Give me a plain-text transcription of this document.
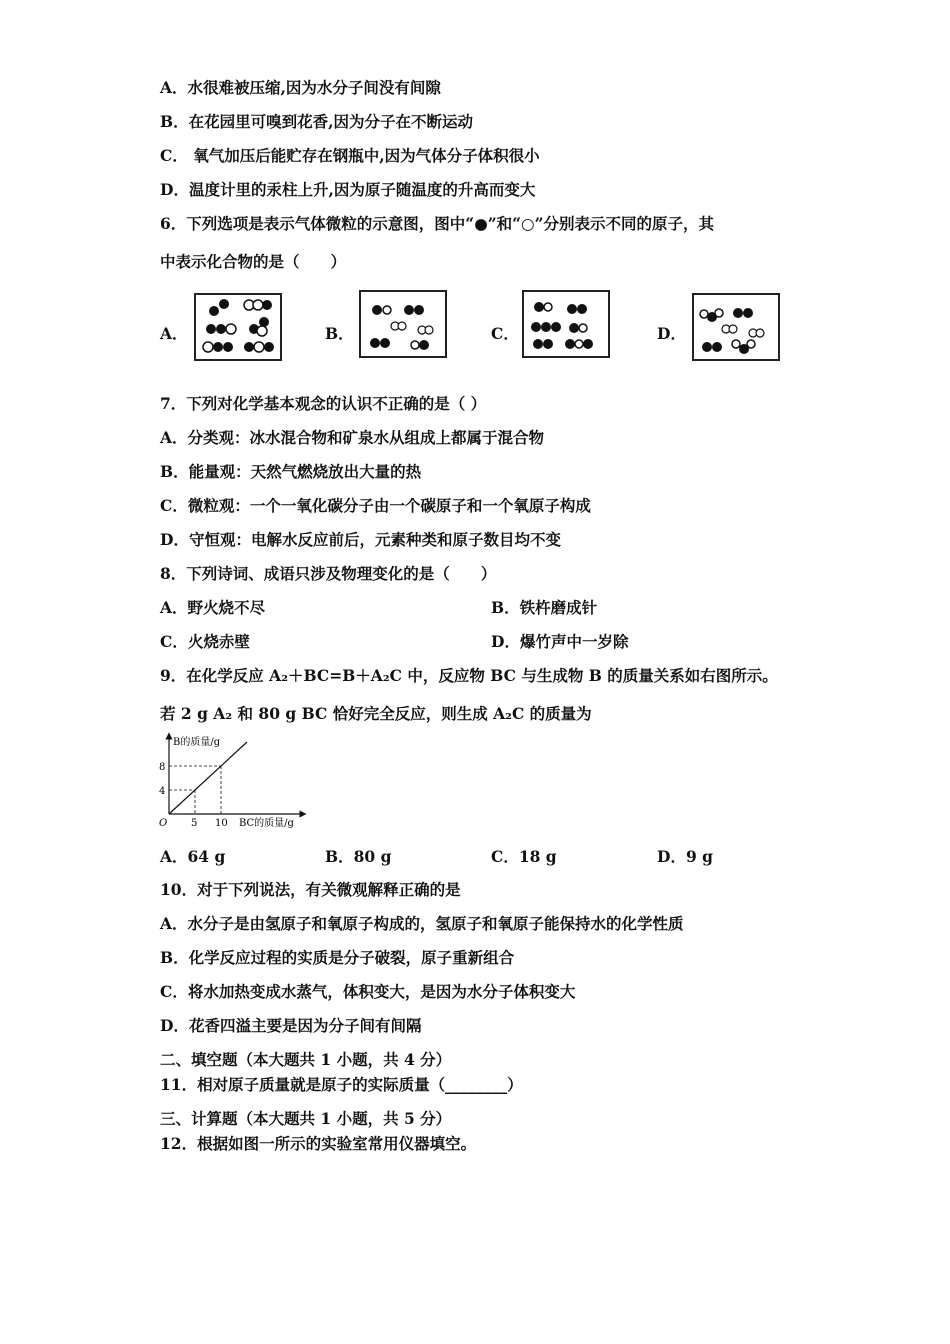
A．水很难被压缩,因为水分子间没有间隙
B．在花园里可嗅到花香,因为分子在不断运动
C． 氧气加压后能贮存在钢瓶中,因为气体分子体积很小
D．温度计里的汞柱上升,因为原子随温度的升高而变大
6．下列选项是表示气体微粒的示意图，图中“●”和“○”分别表示不同的原子，其
中表示化合物的是（　　）
A．	B．	C．	D．
7．下列对化学基本观念的认识不正确的是（ ）
A．分类观：冰水混合物和矿泉水从组成上都属于混合物
B．能量观：天然气燃烧放出大量的热
C．微粒观：一个一氧化碳分子由一个碳原子和一个氧原子构成
D．守恒观：电解水反应前后，元素种类和原子数目均不变
8．下列诗词、成语只涉及物理变化的是（　　）
A．野火烧不尽	B．铁杵磨成针
C．火烧赤壁	D．爆竹声中一岁除
9．在化学反应 A₂＋BC=B＋A₂C 中，反应物 BC 与生成物 B 的质量关系如右图所示。
若 2 g A₂ 和 80 g BC 恰好完全反应，则生成 A₂C 的质量为
B的质量/g
8
4
O 5 10 BC的质量/g
A．64 g	B．80 g	C．18 g	D．9 g
10．对于下列说法，有关微观解释正确的是
A．水分子是由氢原子和氧原子构成的，氢原子和氧原子能保持水的化学性质
B．化学反应过程的实质是分子破裂，原子重新组合
C．将水加热变成水蒸气，体积变大，是因为水分子体积变大
D．花香四溢主要是因为分子间有间隔
二、填空题（本大题共 1 小题，共 4 分）
11．相对原子质量就是原子的实际质量（________）
三、计算题（本大题共 1 小题，共 5 分）
12．根据如图一所示的实验室常用仪器填空。
